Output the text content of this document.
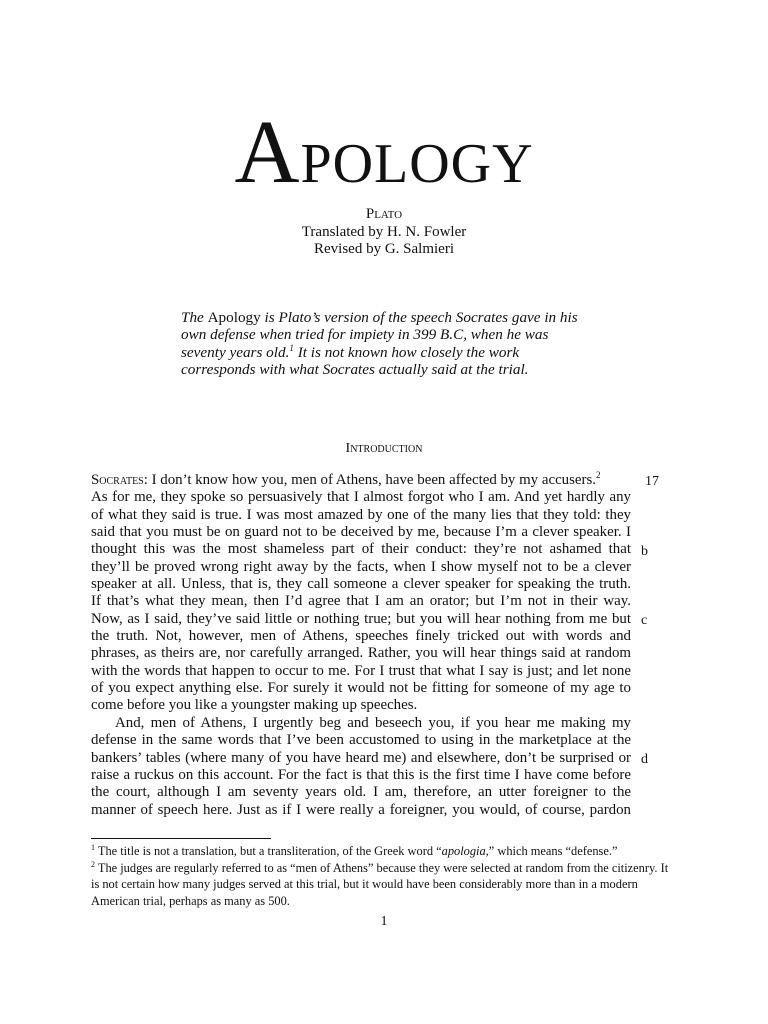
APOLOGY
Plato
Translated by H. N. Fowler
Revised by G. Salmieri

The Apology is Plato’s version of the speech Socrates gave in his own defense when tried for impiety in 399 B.C, when he was seventy years old.$^1$ It is not known how closely the work corresponds with what Socrates actually said at the trial.

Introduction
Socrates: I don’t know how you, men of Athens, have been affected by my accusers.$^2$
As for me, they spoke so persuasively that I almost forgot who I am. And yet hardly any
of what they said is true. I was most amazed by one of the many lies that they told: they
said that you must be on guard not to be deceived by me, because I’m a clever speaker. I
thought this was the most shameless part of their conduct: they’re not ashamed that
they’ll be proved wrong right away by the facts, when I show myself not to be a clever
speaker at all. Unless, that is, they call someone a clever speaker for speaking the truth.
If that’s what they mean, then I’d agree that I am an orator; but I’m not in their way.
Now, as I said, they’ve said little or nothing true; but you will hear nothing from me but
the truth. Not, however, men of Athens, speeches finely tricked out with words and
phrases, as theirs are, nor carefully arranged. Rather, you will hear things said at random
with the words that happen to occur to me. For I trust that what I say is just; and let none
of you expect anything else. For surely it would not be fitting for someone of my age to
come before you like a youngster making up speeches.
And, men of Athens, I urgently beg and beseech you, if you hear me making my
defense in the same words that I’ve been accustomed to using in the marketplace at the
bankers’ tables (where many of you have heard me) and elsewhere, don’t be surprised or
raise a ruckus on this account. For the fact is that this is the first time I have come before
the court, although I am seventy years old. I am, therefore, an utter foreigner to the
manner of speech here. Just as if I were really a foreigner, you would, of course, pardon
17
b
c
d
$^1$ The title is not a translation, but a transliteration, of the Greek word “apologia,” which means “defense.”
$^2$ The judges are regularly referred to as “men of Athens” because they were selected at random from the citizenry. It
is not certain how many judges served at this trial, but it would have been considerably more than in a modern
American trial, perhaps as many as 500.
1
